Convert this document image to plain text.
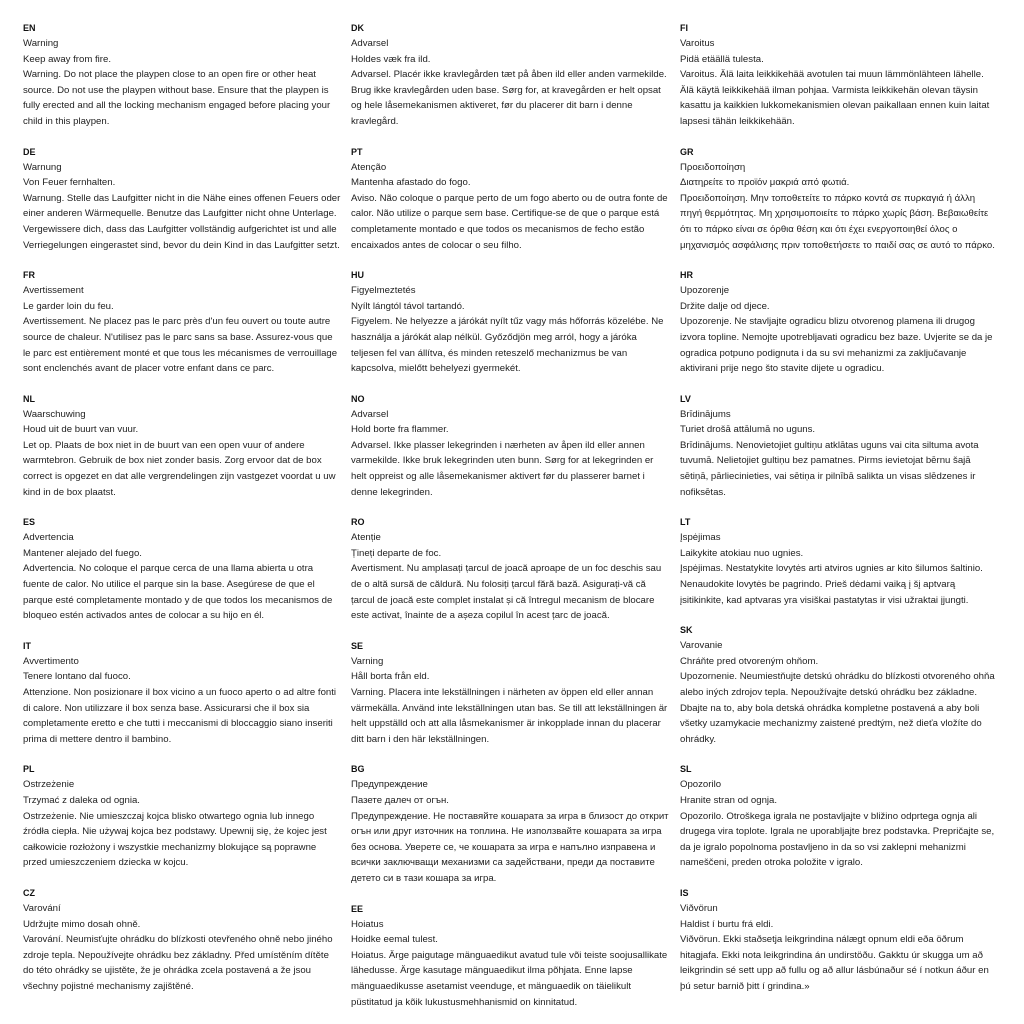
EN
Warning
Keep away from fire.
Warning. Do not place the playpen close to an open fire or other heat source. Do not use the playpen without base. Ensure that the playpen is fully erected and all the locking mechanism engaged before placing your child in this playpen.
DE
Warnung
Von Feuer fernhalten.
Warnung. Stelle das Laufgitter nicht in die Nähe eines offenen Feuers oder einer anderen Wärmequelle. Benutze das Laufgitter nicht ohne Unterlage. Vergewissere dich, dass das Laufgitter vollständig aufgerichtet ist und alle Verriegelungen eingerastet sind, bevor du dein Kind in das Laufgitter setzt.
FR
Avertissement
Le garder loin du feu.
Avertissement. Ne placez pas le parc près d'un feu ouvert ou toute autre source de chaleur. N'utilisez pas le parc sans sa base. Assurez-vous que le parc est entièrement monté et que tous les mécanismes de verrouillage sont enclenchés avant de placer votre enfant dans ce parc.
NL
Waarschuwing
Houd uit de buurt van vuur.
Let op. Plaats de box niet in de buurt van een open vuur of andere warmtebron. Gebruik de box niet zonder basis. Zorg ervoor dat de box correct is opgezet en dat alle vergrendelingen zijn vastgezet voordat u uw kind in de box plaatst.
ES
Advertencia
Mantener alejado del fuego.
Advertencia. No coloque el parque cerca de una llama abierta u otra fuente de calor. No utilice el parque sin la base. Asegúrese de que el parque esté completamente montado y de que todos los mecanismos de bloqueo estén activados antes de colocar a su hijo en él.
IT
Avvertimento
Tenere lontano dal fuoco.
Attenzione. Non posizionare il box vicino a un fuoco aperto o ad altre fonti di calore. Non utilizzare il box senza base. Assicurarsi che il box sia completamente eretto e che tutti i meccanismi di bloccaggio siano inseriti prima di mettere dentro il bambino.
PL
Ostrzeżenie
Trzymać z daleka od ognia.
Ostrzeżenie. Nie umieszczaj kojca blisko otwartego ognia lub innego źródła ciepła. Nie używaj kojca bez podstawy. Upewnij się, że kojec jest całkowicie rozłożony i wszystkie mechanizmy blokujące są poprawne przed umieszczeniem dziecka w kojcu.
CZ
Varování
Udržujte mimo dosah ohně.
Varování. Neumisťujte ohrádku do blízkosti otevřeného ohně nebo jiného zdroje tepla. Nepoužívejte ohrádku bez základny. Před umístěním dítěte do této ohrádky se ujistěte, že je ohrádka zcela postavená a že jsou všechny pojistné mechanismy zajištěné.
DK
Advarsel
Holdes væk fra ild.
Advarsel. Placér ikke kravlegården tæt på åben ild eller anden varmekilde. Brug ikke kravlegården uden base. Sørg for, at kravegården er helt opsat og hele låsemekanismen aktiveret, før du placerer dit barn i denne kravlegård.
PT
Atenção
Mantenha afastado do fogo.
Aviso. Não coloque o parque perto de um fogo aberto ou de outra fonte de calor. Não utilize o parque sem base. Certifique-se de que o parque está completamente montado e que todos os mecanismos de fecho estão encaixados antes de colocar o seu filho.
HU
Figyelmeztetés
Nyílt lángtól távol tartandó.
Figyelem. Ne helyezze a járókát nyílt tűz vagy más hőforrás közelébe. Ne használja a járókát alap nélkül. Győződjön meg arról, hogy a járóka teljesen fel van állítva, és minden reteszelő mechanizmus be van kapcsolva, mielőtt behelyezi gyermekét.
NO
Advarsel
Hold borte fra flammer.
Advarsel. Ikke plasser lekegrinden i nærheten av åpen ild eller annen varmekilde. Ikke bruk lekegrinden uten bunn. Sørg for at lekegrinden er helt oppreist og alle låsemekanismer aktivert før du plasserer barnet i denne lekegrinden.
RO
Atenție
Țineți departe de foc.
Avertisment. Nu amplasați țarcul de joacă aproape de un foc deschis sau de o altă sursă de căldură. Nu folosiți țarcul fără bază. Asigurați-vă că țarcul de joacă este complet instalat și că întregul mecanism de blocare este activat, înainte de a așeza copilul în acest țarc de joacă.
SE
Varning
Håll borta från eld.
Varning. Placera inte lekställningen i närheten av öppen eld eller annan värmekälla. Använd inte lekställningen utan bas. Se till att lekställningen är helt uppställd och att alla låsmekanismer är inkopplade innan du placerar ditt barn i den här lekställningen.
BG
Предупреждение
Пазете далеч от огън.
Предупреждение. Не поставяйте кошарата за игра в близост до открит огън или друг източник на топлина. Не използвайте кошарата за игра без основа. Уверете се, че кошарата за игра е напълно изправена и всички заключващи механизми са задействани, преди да поставите детето си в тази кошара за игра.
EE
Hoiatus
Hoidke eemal tulest.
Hoiatus. Ärge paigutage mänguaedikut avatud tule või teiste soojusallikate lähedusse. Ärge kasutage mänguaedikut ilma põhjata. Enne lapse mänguaedikusse asetamist veenduge, et mänguaedik on täielikult püstitatud ja kõik lukustusmehhanismid on kinnitatud.
FI
Varoitus
Pidä etäällä tulesta.
Varoitus. Älä laita leikkikehää avotulen tai muun lämmönlähteen lähelle. Älä käytä leikkikehää ilman pohjaa. Varmista leikkikehän olevan täysin kasattu ja kaikkien lukkomekanismien olevan paikallaan ennen kuin laitat lapsesi tähän leikkikehään.
GR
Προειδοποίηση
Διατηρείτε το προϊόν μακριά από φωτιά.
Προειδοποίηση. Μην τοποθετείτε το πάρκο κοντά σε πυρκαγιά ή άλλη πηγή θερμότητας. Μη χρησιμοποιείτε το πάρκο χωρίς βάση. Βεβαιωθείτε ότι το πάρκο είναι σε όρθια θέση και ότι έχει ενεργοποιηθεί όλος ο μηχανισμός ασφάλισης πριν τοποθετήσετε το παιδί σας σε αυτό το πάρκο.
HR
Upozorenje
Držite dalje od djece.
Upozorenje. Ne stavljajte ogradicu blizu otvorenog plamena ili drugog izvora topline. Nemojte upotrebljavati ogradicu bez baze. Uvjerite se da je ogradica potpuno podignuta i da su svi mehanizmi za zaključavanje aktivirani prije nego što stavite dijete u ogradicu.
LV
Brīdinājums
Turiet drošā attālumā no uguns.
Brīdinājums. Nenovietojiet gultiņu atklātas uguns vai cita siltuma avota tuvumā. Nelietojiet gultiņu bez pamatnes. Pirms ievietojat bērnu šajā sētiņā, pārliecinieties, vai sētiņa ir pilnībā salikta un visas slēdzenes ir nofiksētas.
LT
Įspėjimas
Laikykite atokiau nuo ugnies.
Įspėjimas. Nestatykite lovytės arti atviros ugnies ar kito šilumos šaltinio. Nenaudokite lovytės be pagrindo. Prieš dėdami vaiką į šį aptvarą įsitikinkite, kad aptvaras yra visiškai pastatytas ir visi užraktai įjungti.
SK
Varovanie
Chráňte pred otvoreným ohňom.
Upozornenie. Neumiestňujte detskú ohrádku do blízkosti otvoreného ohňa alebo iných zdrojov tepla. Nepoužívajte detskú ohrádku bez základne. Dbajte na to, aby bola detská ohrádka kompletne postavená a aby boli všetky uzamykacie mechanizmy zaistené predtým, než dieťa vložíte do ohrádky.
SL
Opozorilo
Hranite stran od ognja.
Opozorilo. Otroškega igrala ne postavljajte v bližino odprtega ognja ali drugega vira toplote. Igrala ne uporabljajte brez podstavka. Prepričajte se, da je igralo popolnoma postavljeno in da so vsi zaklepni mehanizmi nameščeni, preden otroka položite v igralo.
IS
Viðvörun
Haldist í burtu frá eldi.
Viðvörun. Ekki staðsetja leikgrindina nálægt opnum eldi eða öðrum hitagjafa. Ekki nota leikgrindina án undirstöðu. Gakktu úr skugga um að leikgrindin sé sett upp að fullu og að allur lásbúnaður sé í notkun áður en þú setur barnið þitt í grindina.»
